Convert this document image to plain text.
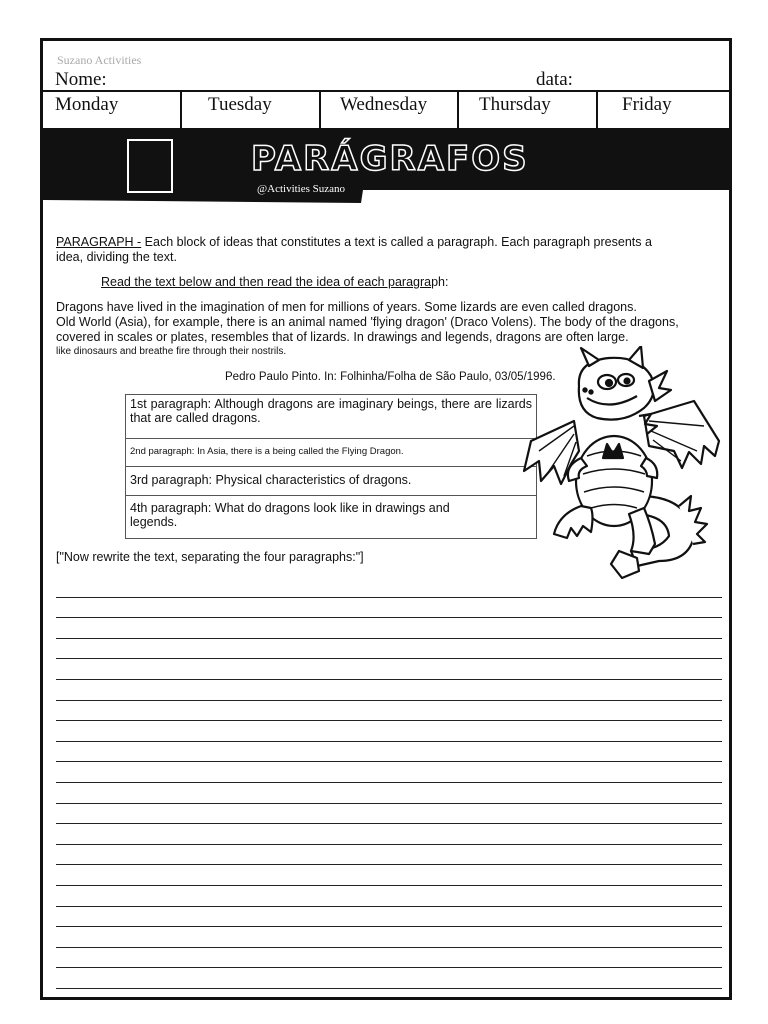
Suzano Activities
Nome:	data:
Monday	Tuesday	Wednesday	Thursday	Friday
PARÁGRAFOS
@Activities Suzano
PARAGRAPH - Each block of ideas that constitutes a text is called a paragraph. Each paragraph presents a
idea, dividing the text.
Read the text below and then read the idea of each paragraph:
Dragons have lived in the imagination of men for millions of years. Some lizards are even called dragons.
Old World (Asia), for example, there is an animal named 'flying dragon' (Draco Volens). The body of the dragons,
covered in scales or plates, resembles that of lizards. In drawings and legends, dragons are often large.
like dinosaurs and breathe fire through their nostrils.
Pedro Paulo Pinto. In: Folhinha/Folha de São Paulo, 03/05/1996.
1st paragraph: Although dragons are imaginary beings, there are lizards that are called dragons.
2nd paragraph: In Asia, there is a being called the Flying Dragon.
3rd paragraph: Physical characteristics of dragons.
4th paragraph: What do dragons look like in drawings and legends.
["Now rewrite the text, separating the four paragraphs:"]
